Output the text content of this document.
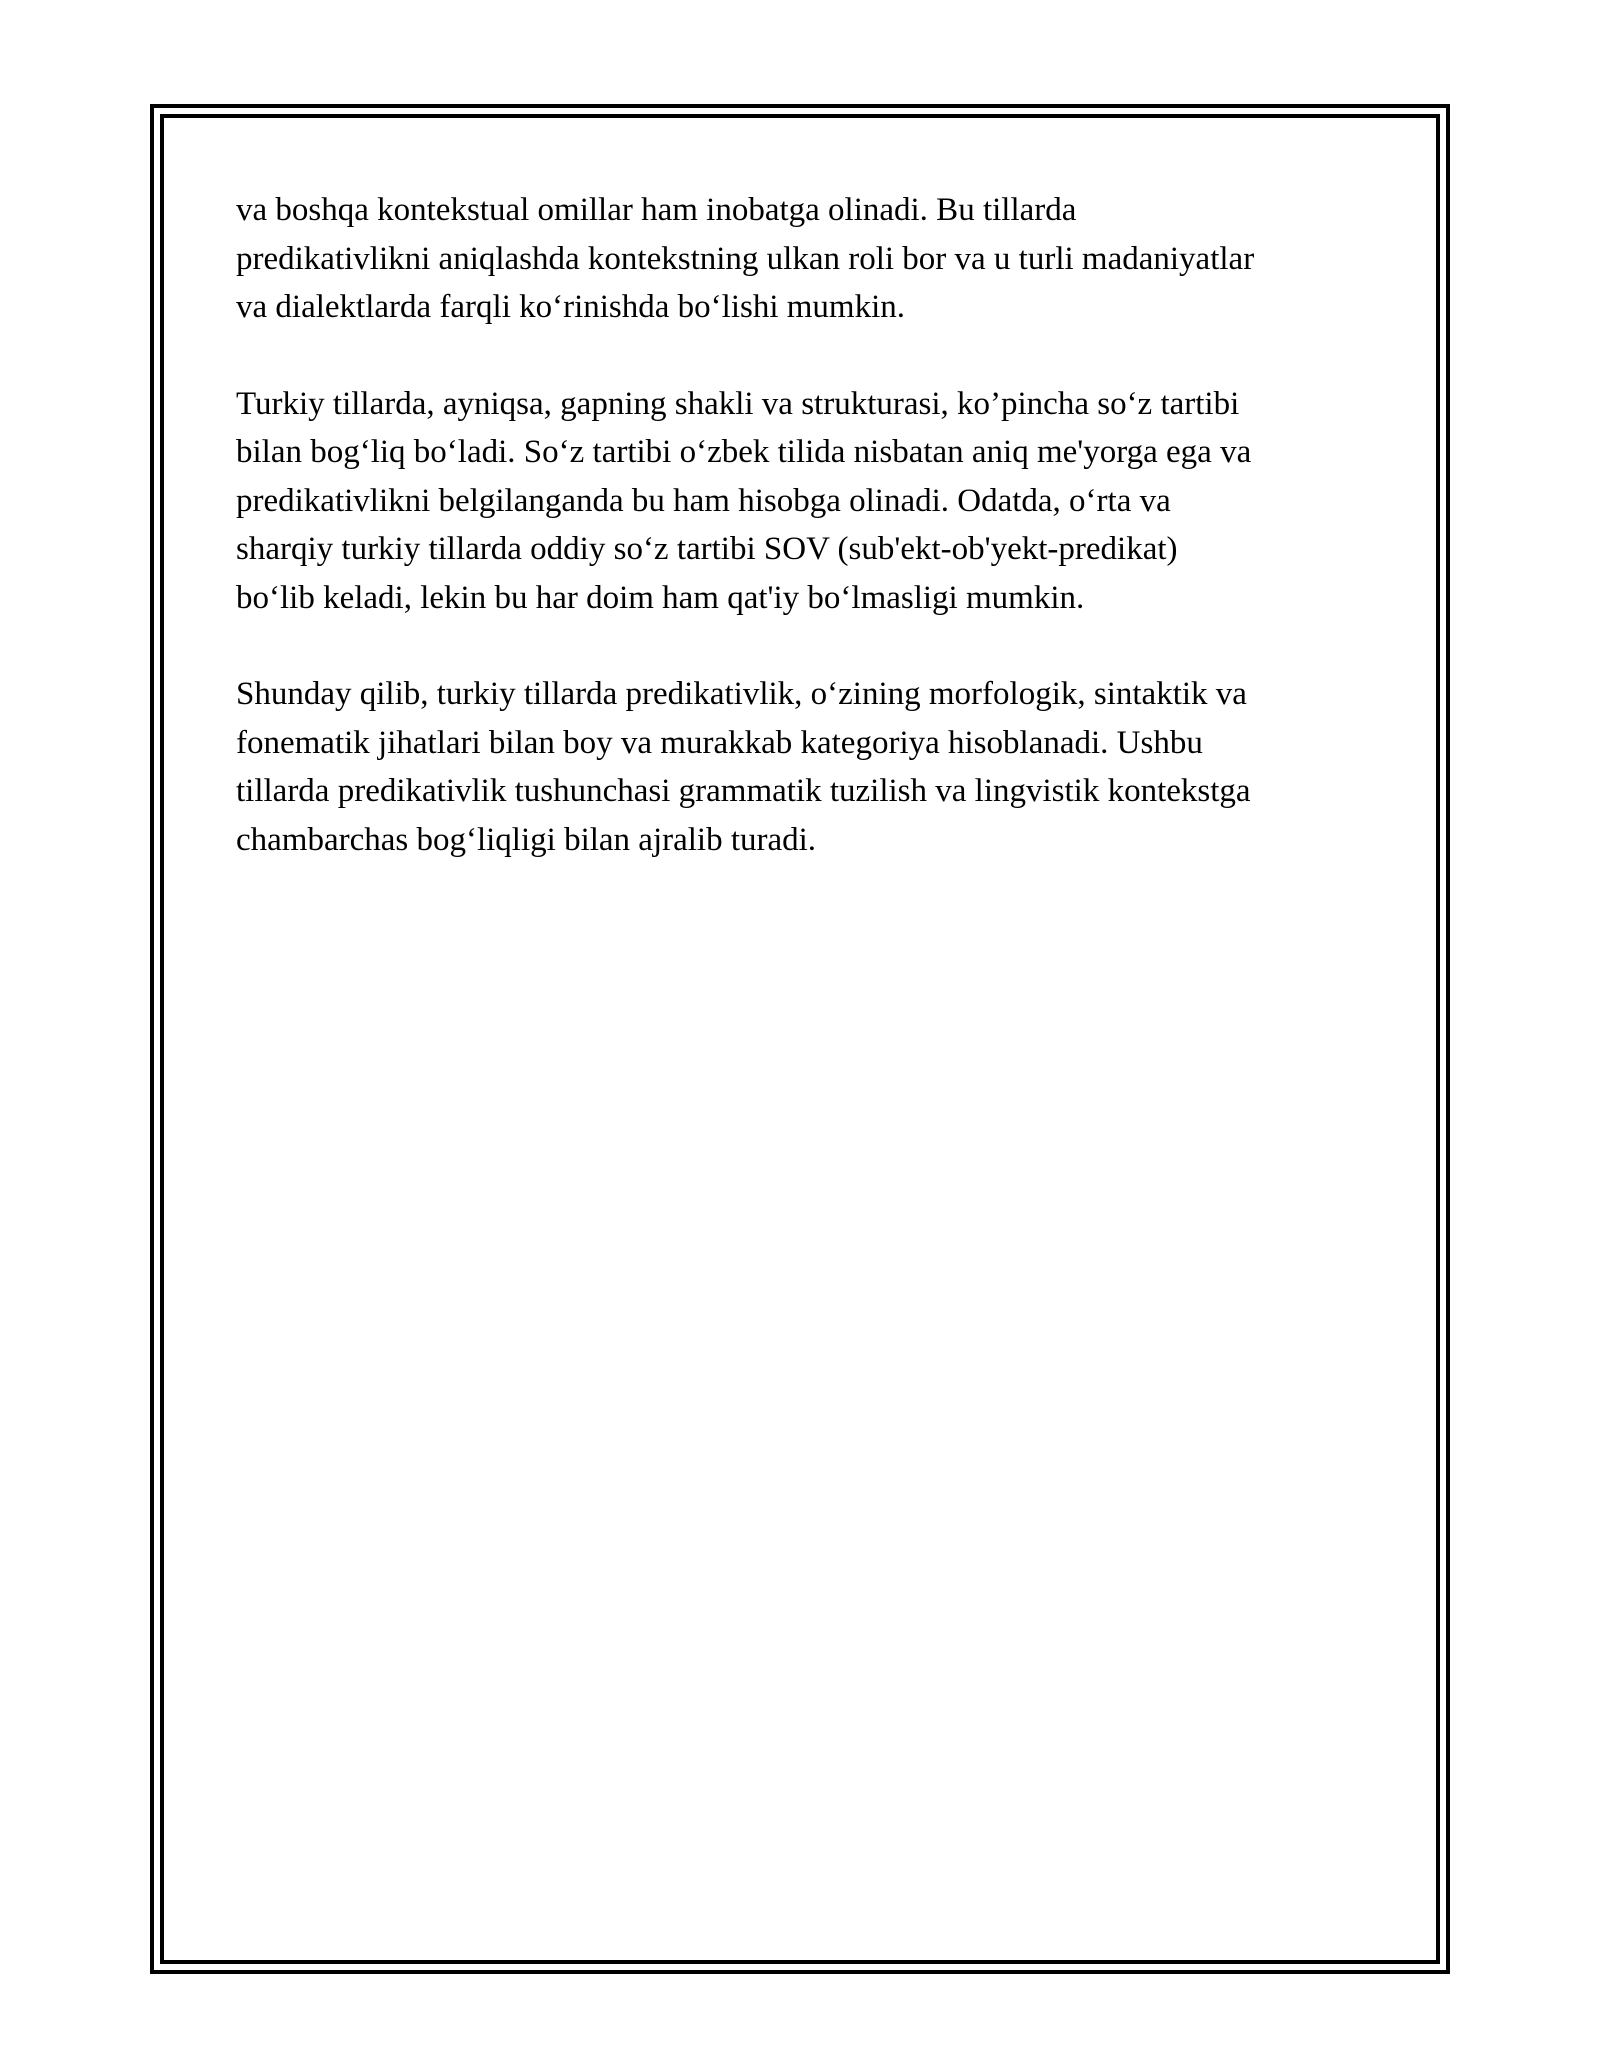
va boshqa kontekstual omillar ham inobatga olinadi. Bu tillarda
predikativlikni aniqlashda kontekstning ulkan roli bor va u turli madaniyatlar
va dialektlarda farqli ko‘rinishda bo‘lishi mumkin.

Turkiy tillarda, ayniqsa, gapning shakli va strukturasi, ko’pincha so‘z tartibi
bilan bog‘liq bo‘ladi. So‘z tartibi o‘zbek tilida nisbatan aniq me'yorga ega va
predikativlikni belgilanganda bu ham hisobga olinadi. Odatda, o‘rta va
sharqiy turkiy tillarda oddiy so‘z tartibi SOV (sub'ekt-ob'yekt-predikat)
bo‘lib keladi, lekin bu har doim ham qat'iy bo‘lmasligi mumkin.

Shunday qilib, turkiy tillarda predikativlik, o‘zining morfologik, sintaktik va
fonematik jihatlari bilan boy va murakkab kategoriya hisoblanadi. Ushbu
tillarda predikativlik tushunchasi grammatik tuzilish va lingvistik kontekstga
chambarchas bog‘liqligi bilan ajralib turadi.
